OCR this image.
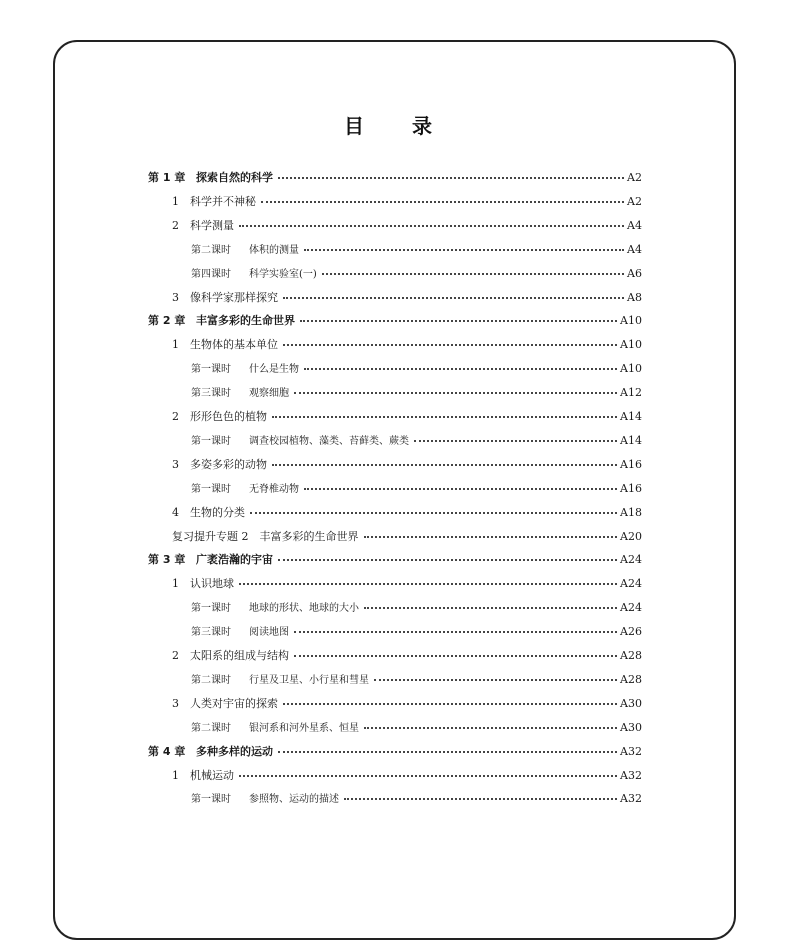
目　录
第 1 章 探索自然的科学	A2
1	科学并不神秘	A2
2	科学测量	A4
第二课时	体积的测量	A4
第四课时	科学实验室(一)	A6
3	像科学家那样探究	A8
第 2 章 丰富多彩的生命世界	A10
1	生物体的基本单位	A10
第一课时	什么是生物	A10
第三课时	观察细胞	A12
2	形形色色的植物	A14
第一课时	调查校园植物、藻类、苔藓类、蕨类	A14
3	多姿多彩的动物	A16
第一课时	无脊椎动物	A16
4	生物的分类	A18
复习提升专题 2　丰富多彩的生命世界	A20
第 3 章 广袤浩瀚的宇宙	A24
1	认识地球	A24
第一课时	地球的形状、地球的大小	A24
第三课时	阅读地图	A26
2	太阳系的组成与结构	A28
第二课时	行星及卫星、小行星和彗星	A28
3	人类对宇宙的探索	A30
第二课时	银河系和河外星系、恒星	A30
第 4 章 多种多样的运动	A32
1	机械运动	A32
第一课时	参照物、运动的描述	A32
